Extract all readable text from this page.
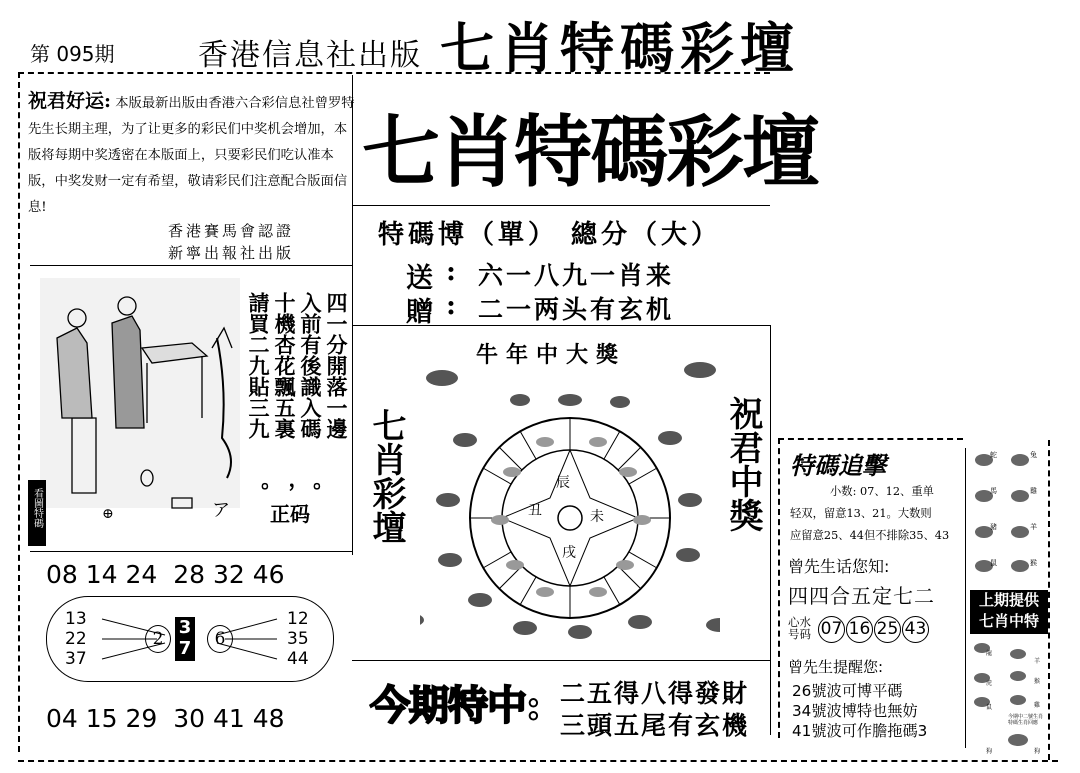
第 095期	香港信息社出版 七肖特碼彩壇
祝君好运: 本版最新出版由香港六合彩信息社曾罗特先生长期主理，为了让更多的彩民们中奖机会增加，本版将每期中奖透密在本版面上，只要彩民们吃认准本版，中奖发财一定有希望，敬请彩民们注意配合版面信息!
香港賽馬會認證
新寧出報社出版
⊕	ア
看圖特碼
四一分開落一邊
入前有後識入碼
十機杏花飄五裏
請買二九貼三九
， 。
。
正码
08 14 24  28 32 46
13
22
37
12
35
44
2
3
7	6
04 15 29  30 41 48
七肖特碼彩壇
特碼博（單） 總分（大）
送 : 六一八九一肖来
贈 : 二一两头有玄机
牛年中大獎
七肖彩壇	祝君中獎
辰
丑	未
戌
今期特中: 二五得八得發財
三頭五尾有玄機
特碼追擊
小数: 07、12、重单
轻双，留意13、21。大数则
应留意25、44但不排除35、43
曾先生话您知:
四四合五定七二
心水
号码 07 16 25 43
曾先生提醒您:
26號波可博平碼
34號波博特也無妨
41號波可作膽拖碼3
蛇	兔
馬	雞
豬	羊
鼠	猴
上期提供
七肖中特
龍
羊
虎	猴
鼠	雞
今期中二號生肖 特碼生肖回應
狗	狗
